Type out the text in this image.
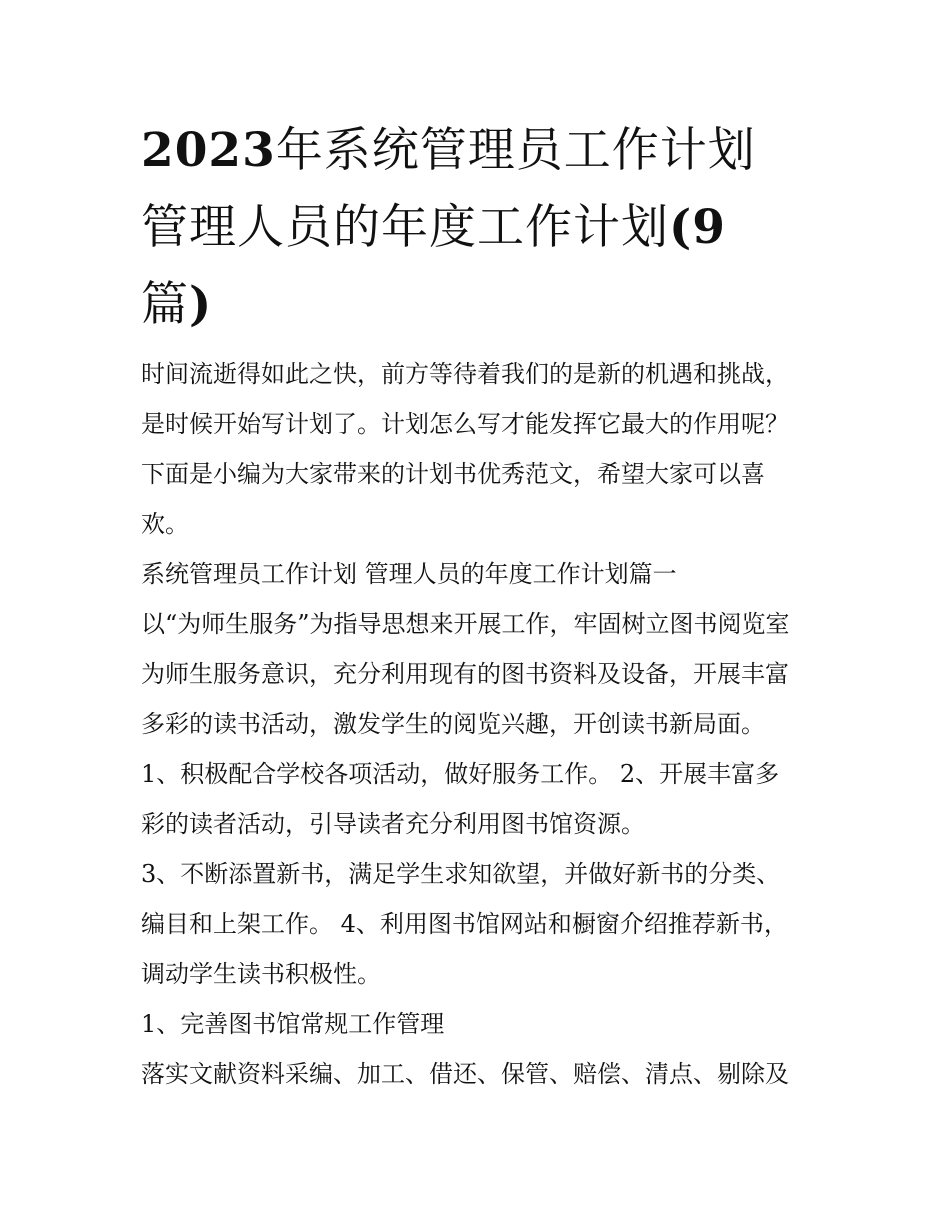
2023年系统管理员工作计划
管理人员的年度工作计划(9
篇)
时间流逝得如此之快，前方等待着我们的是新的机遇和挑战，
是时候开始写计划了。计划怎么写才能发挥它最大的作用呢？
下面是小编为大家带来的计划书优秀范文，希望大家可以喜
欢。
系统管理员工作计划 管理人员的年度工作计划篇一
以“为师生服务”为指导思想来开展工作，牢固树立图书阅览室
为师生服务意识，充分利用现有的图书资料及设备，开展丰富
多彩的读书活动，激发学生的阅览兴趣，开创读书新局面。
1、积极配合学校各项活动，做好服务工作。 2、开展丰富多
彩的读者活动，引导读者充分利用图书馆资源。
3、不断添置新书，满足学生求知欲望，并做好新书的分类、
编目和上架工作。 4、利用图书馆网站和橱窗介绍推荐新书，
调动学生读书积极性。
1、完善图书馆常规工作管理
落实文献资料采编、加工、借还、保管、赔偿、清点、剔除及
